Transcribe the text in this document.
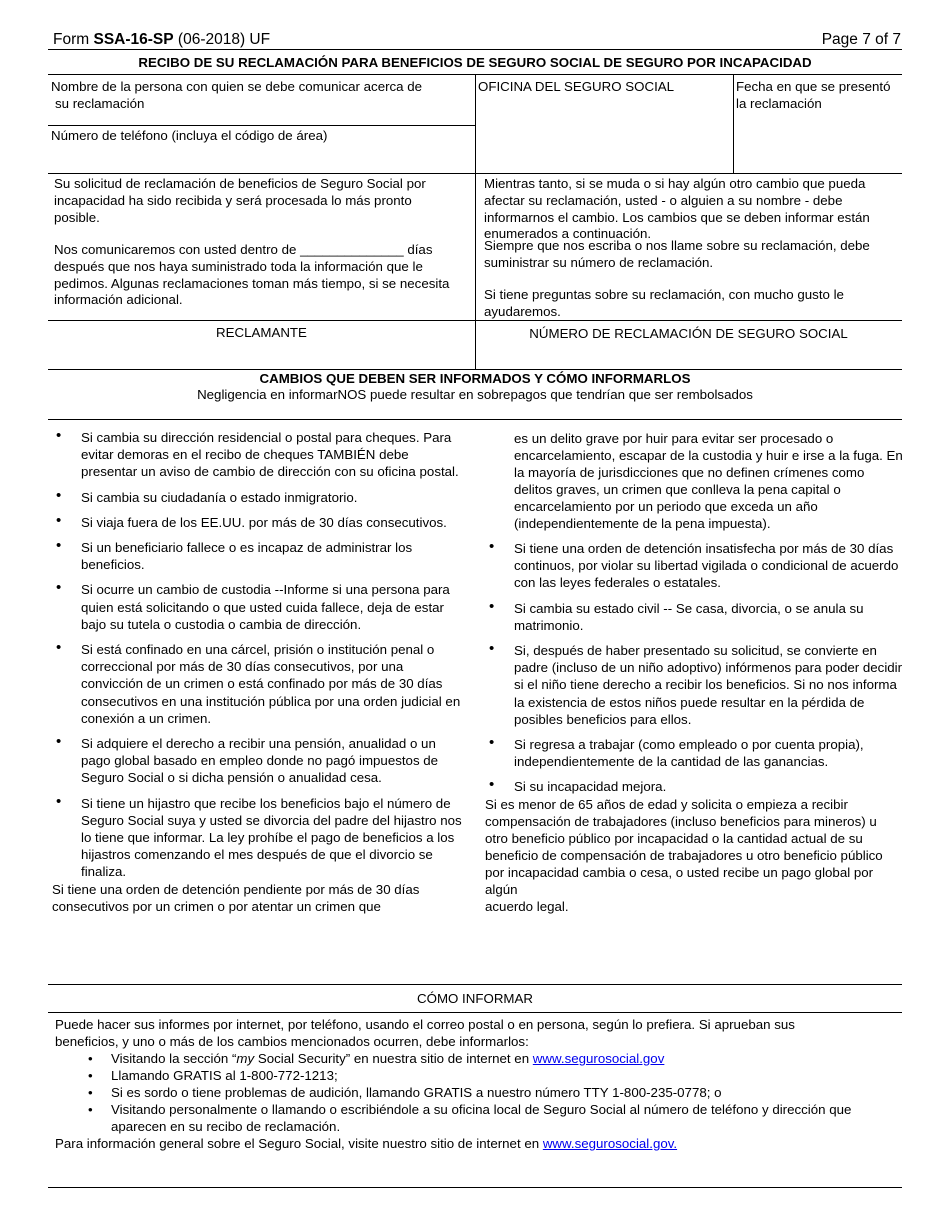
Form SSA-16-SP (06-2018) UF	Page 7 of 7
RECIBO DE SU RECLAMACIÓN PARA BENEFICIOS DE SEGURO SOCIAL DE SEGURO POR INCAPACIDAD
Nombre de la persona con quien se debe comunicar acerca de
su reclamación
Número de teléfono (incluya el código de área)
OFICINA DEL SEGURO SOCIAL	Fecha en que se presentó
la reclamación
Su solicitud de reclamación de beneficios de Seguro Social por incapacidad ha sido recibida y será procesada lo más pronto posible.
Nos comunicaremos con usted dentro de ______________ días después que nos haya suministrado toda la información que le pedimos. Algunas reclamaciones toman más tiempo, si se necesita información adicional.
Mientras tanto, si se muda o si hay algún otro cambio que pueda afectar su reclamación, usted - o alguien a su nombre - debe informarnos el cambio. Los cambios que se deben informar están enumerados a continuación.
Siempre que nos escriba o nos llame sobre su reclamación, debe suministrar su número de reclamación.
Si tiene preguntas sobre su reclamación, con mucho gusto le ayudaremos.
RECLAMANTE	NÚMERO DE RECLAMACIÓN DE SEGURO SOCIAL
CAMBIOS QUE DEBEN SER INFORMADOS Y CÓMO INFORMARLOS
Negligencia en informarNOS puede resultar en sobrepagos que tendrían que ser rembolsados
• Si cambia su dirección residencial o postal para cheques. Para evitar demoras en el recibo de cheques TAMBIÉN debe presentar un aviso de cambio de dirección con su oficina postal.
• Si cambia su ciudadanía o estado inmigratorio.
• Si viaja fuera de los EE.UU. por más de 30 días consecutivos.
• Si un beneficiario fallece o es incapaz de administrar los beneficios.
• Si ocurre un cambio de custodia --Informe si una persona para quien está solicitando o que usted cuida fallece, deja de estar bajo su tutela o custodia o cambia de dirección.
• Si está confinado en una cárcel, prisión o institución penal o correccional por más de 30 días consecutivos, por una convicción de un crimen o está confinado por más de 30 días consecutivos en una institución pública por una orden judicial en conexión a un crimen.
• Si adquiere el derecho a recibir una pensión, anualidad o un pago global basado en empleo donde no pagó impuestos de Seguro Social o si dicha pensión o anualidad cesa.
• Si tiene un hijastro que recibe los beneficios bajo el número de Seguro Social suya y usted se divorcia del padre del hijastro nos lo tiene que informar. La ley prohíbe el pago de beneficios a los hijastros comenzando el mes después de que el divorcio se finaliza.
Si tiene una orden de detención pendiente por más de 30 días consecutivos por un crimen o por atentar un crimen que
es un delito grave por huir para evitar ser procesado o encarcelamiento, escapar de la custodia y huir e irse a la fuga. En la mayoría de jurisdicciones que no definen crímenes como delitos graves, un crimen que conlleva la pena capital o encarcelamiento por un periodo que exceda un año (independientemente de la pena impuesta).
• Si tiene una orden de detención insatisfecha por más de 30 días continuos, por violar su libertad vigilada o condicional de acuerdo con las leyes federales o estatales.
• Si cambia su estado civil -- Se casa, divorcia, o se anula su matrimonio.
• Si, después de haber presentado su solicitud, se convierte en padre (incluso de un niño adoptivo) infórmenos para poder decidir si el niño tiene derecho a recibir los beneficios. Si no nos informa la existencia de estos niños puede resultar en la pérdida de posibles beneficios para ellos.
• Si regresa a trabajar (como empleado o por cuenta propia), independientemente de la cantidad de las ganancias.
• Si su incapacidad mejora.
Si es menor de 65 años de edad y solicita o empieza a recibir compensación de trabajadores (incluso beneficios para mineros) u otro beneficio público por incapacidad o la cantidad actual de su beneficio de compensación de trabajadores u otro beneficio público por incapacidad cambia o cesa, o usted recibe un pago global por algún
acuerdo legal.
CÓMO INFORMAR
Puede hacer sus informes por internet, por teléfono, usando el correo postal o en persona, según lo prefiera. Si aprueban sus beneficios, y uno o más de los cambios mencionados ocurren, debe informarlos:
• Visitando la sección “my Social Security” en nuestra sitio de internet en www.segurosocial.gov
• Llamando GRATIS al 1-800-772-1213;
• Si es sordo o tiene problemas de audición, llamando GRATIS a nuestro número TTY 1-800-235-0778; o
• Visitando personalmente o llamando o escribiéndole a su oficina local de Seguro Social al número de teléfono y dirección que aparecen en su recibo de reclamación.
Para información general sobre el Seguro Social, visite nuestro sitio de internet en www.segurosocial.gov.
